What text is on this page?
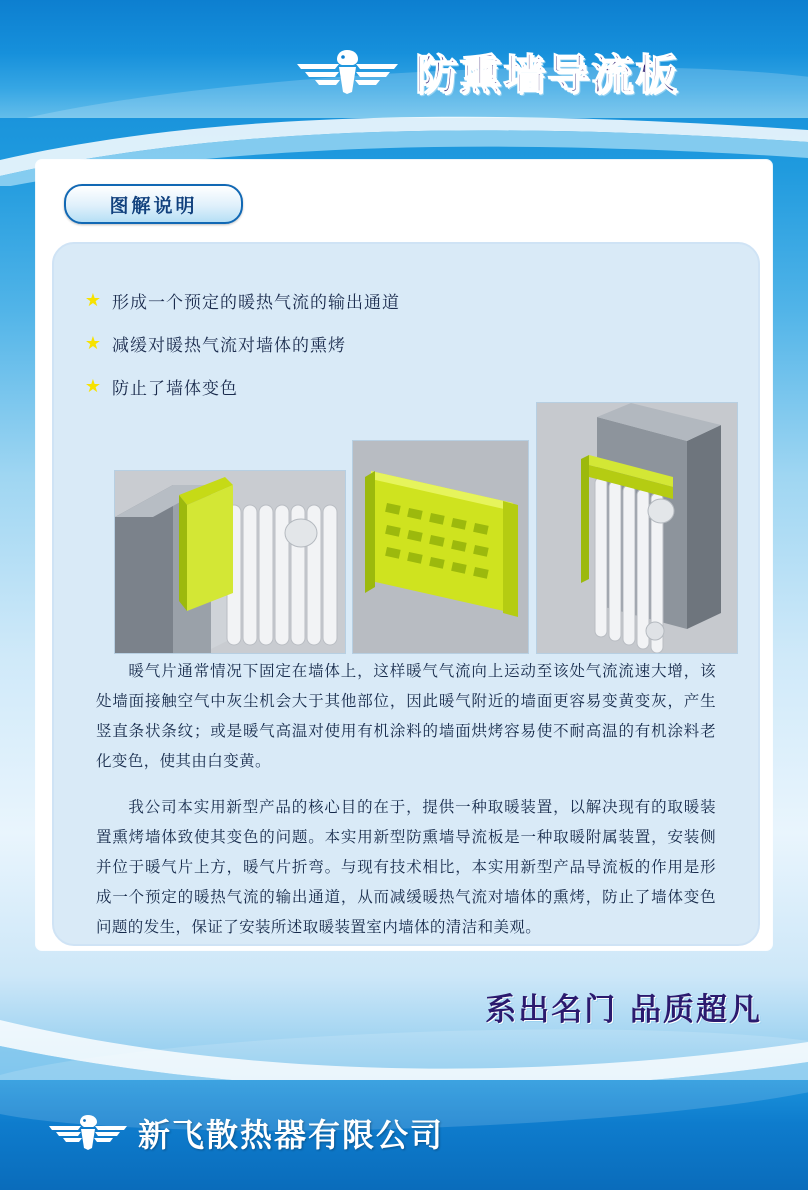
防熏墙导流板
图解说明
★ 形成一个预定的暖热气流的输出通道
★ 减缓对暖热气流对墙体的熏烤
★ 防止了墙体变色
暖气片通常情况下固定在墙体上，这样暖气气流向上运动至该处气流流速大增，该处墙面接触空气中灰尘机会大于其他部位，因此暖气附近的墙面更容易变黄变灰，产生竖直条状条纹；或是暖气高温对使用有机涂料的墙面烘烤容易使不耐高温的有机涂料老化变色，使其由白变黄。
我公司本实用新型产品的核心目的在于，提供一种取暖装置，以解决现有的取暖装置熏烤墙体致使其变色的问题。本实用新型防熏墙导流板是一种取暖附属装置，安装侧并位于暖气片上方，暖气片折弯。与现有技术相比，本实用新型产品导流板的作用是形成一个预定的暖热气流的输出通道，从而减缓暖热气流对墙体的熏烤，防止了墙体变色问题的发生，保证了安装所述取暖装置室内墙体的清洁和美观。
系出名门 品质超凡
新飞散热器有限公司
